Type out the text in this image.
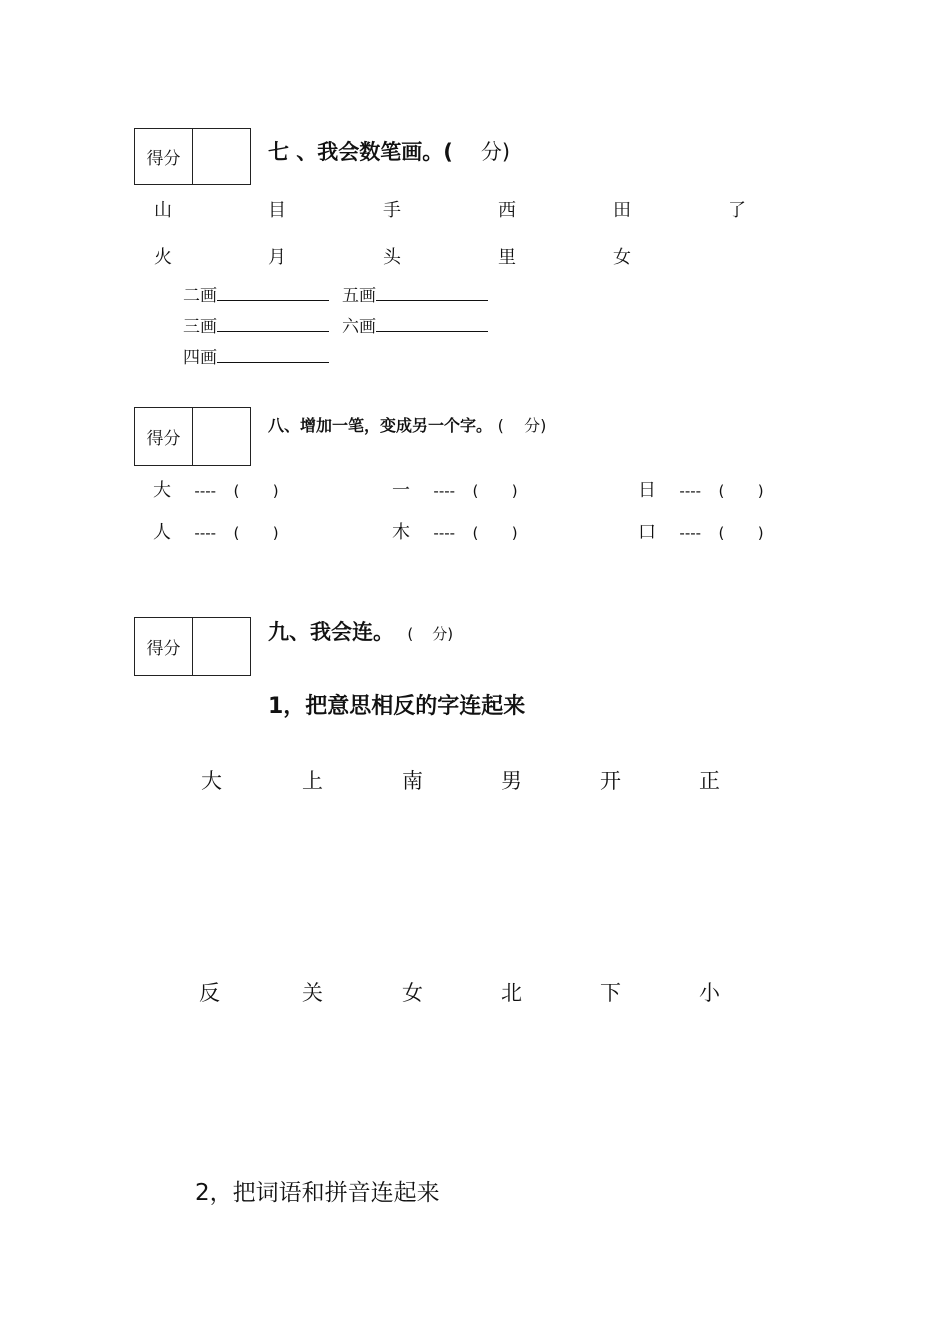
得分	七 、我会数笔画。( 分)
山	目	手	西	田	了
火	月	头	里	女
二画	五画
三画	六画
四画
得分
八、增加一笔，变成另一个字。 (    分)
大 ---- (       )	一 ---- (       )	日 ---- (       )
人 ---- (       )	木 ---- (       )	口 ---- (       )
得分
九、我会连。 (    分)
1，把意思相反的字连起来
大	上	南	男	开	正
反	关	女	北	下	小
2，把词语和拼音连起来
